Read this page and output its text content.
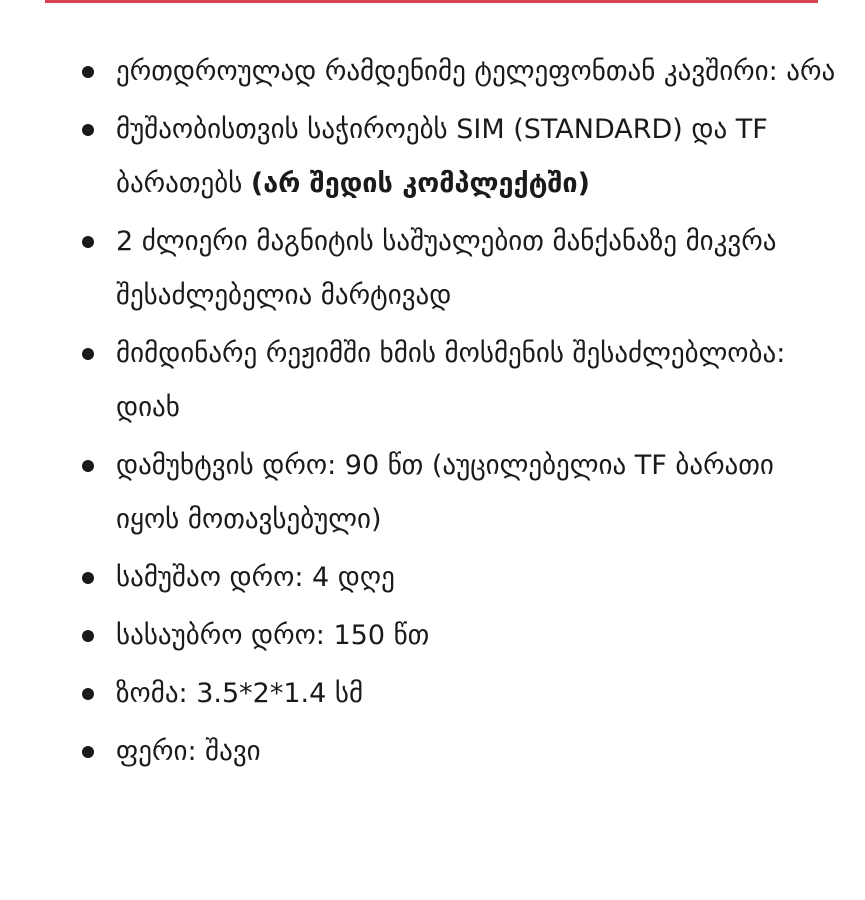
ერთდროულად რამდენიმე ტელეფონთან კავშირი: არა
მუშაობისთვის საჭიროებს SIM (STANDARD) და TF ბარათებს (არ შედის კომპლექტში)
2 ძლიერი მაგნიტის საშუალებით მანქანაზე მიკვრა შესაძლებელია მარტივად
მიმდინარე რეჟიმში ხმის მოსმენის შესაძლებლობა: დიახ
დამუხტვის დრო: 90 წთ (აუცილებელია TF ბარათი იყოს მოთავსებული)
სამუშაო დრო: 4 დღე
სასაუბრო დრო: 150 წთ
ზომა: 3.5*2*1.4 სმ
ფერი: შავი
